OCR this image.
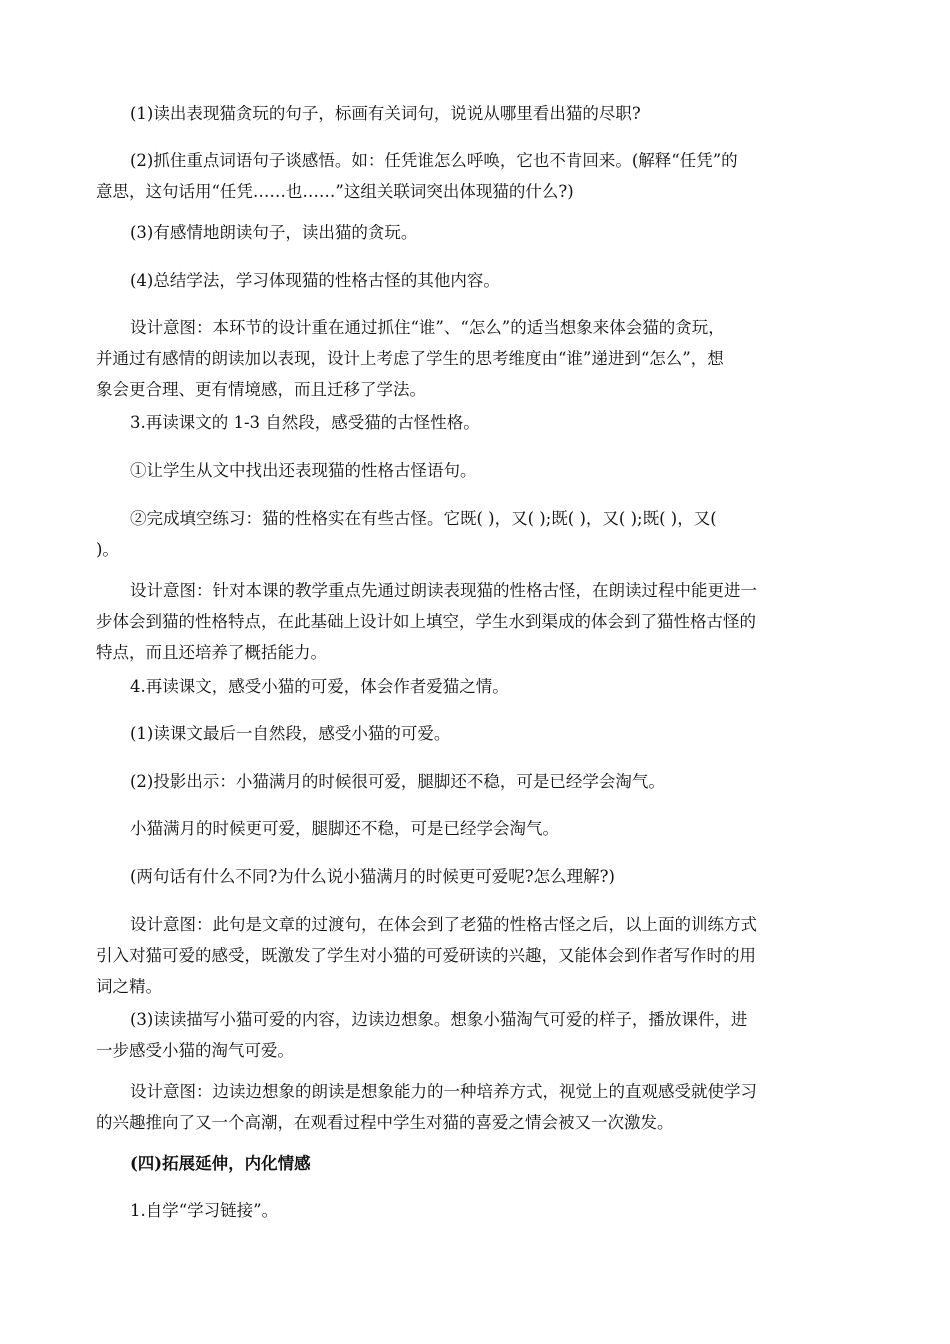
(1)读出表现猫贪玩的句子，标画有关词句，说说从哪里看出猫的尽职?

(2)抓住重点词语句子谈感悟。如：任凭谁怎么呼唤，它也不肯回来。(解释“任凭”的
意思，这句话用“任凭……也……”这组关联词突出体现猫的什么?)

(3)有感情地朗读句子，读出猫的贪玩。

(4)总结学法，学习体现猫的性格古怪的其他内容。

设计意图：本环节的设计重在通过抓住“谁”、“怎么”的适当想象来体会猫的贪玩，
并通过有感情的朗读加以表现，设计上考虑了学生的思考维度由“谁”递进到“怎么”，想
象会更合理、更有情境感，而且迁移了学法。

3.再读课文的 1-3 自然段，感受猫的古怪性格。

①让学生从文中找出还表现猫的性格古怪语句。

②完成填空练习：猫的性格实在有些古怪。它既( )，又( );既( )，又( );既( )，又(
)。

设计意图：针对本课的教学重点先通过朗读表现猫的性格古怪，在朗读过程中能更进一
步体会到猫的性格特点，在此基础上设计如上填空，学生水到渠成的体会到了猫性格古怪的
特点，而且还培养了概括能力。

4.再读课文，感受小猫的可爱，体会作者爱猫之情。

(1)读课文最后一自然段，感受小猫的可爱。

(2)投影出示：小猫满月的时候很可爱，腿脚还不稳，可是已经学会淘气。

小猫满月的时候更可爱，腿脚还不稳，可是已经学会淘气。

(两句话有什么不同?为什么说小猫满月的时候更可爱呢?怎么理解?)

设计意图：此句是文章的过渡句，在体会到了老猫的性格古怪之后，以上面的训练方式
引入对猫可爱的感受，既激发了学生对小猫的可爱研读的兴趣，又能体会到作者写作时的用
词之精。

(3)读读描写小猫可爱的内容，边读边想象。想象小猫淘气可爱的样子，播放课件，进
一步感受小猫的淘气可爱。

设计意图：边读边想象的朗读是想象能力的一种培养方式，视觉上的直观感受就使学习
的兴趣推向了又一个高潮，在观看过程中学生对猫的喜爱之情会被又一次激发。

(四)拓展延伸，内化情感

1.自学“学习链接”。
